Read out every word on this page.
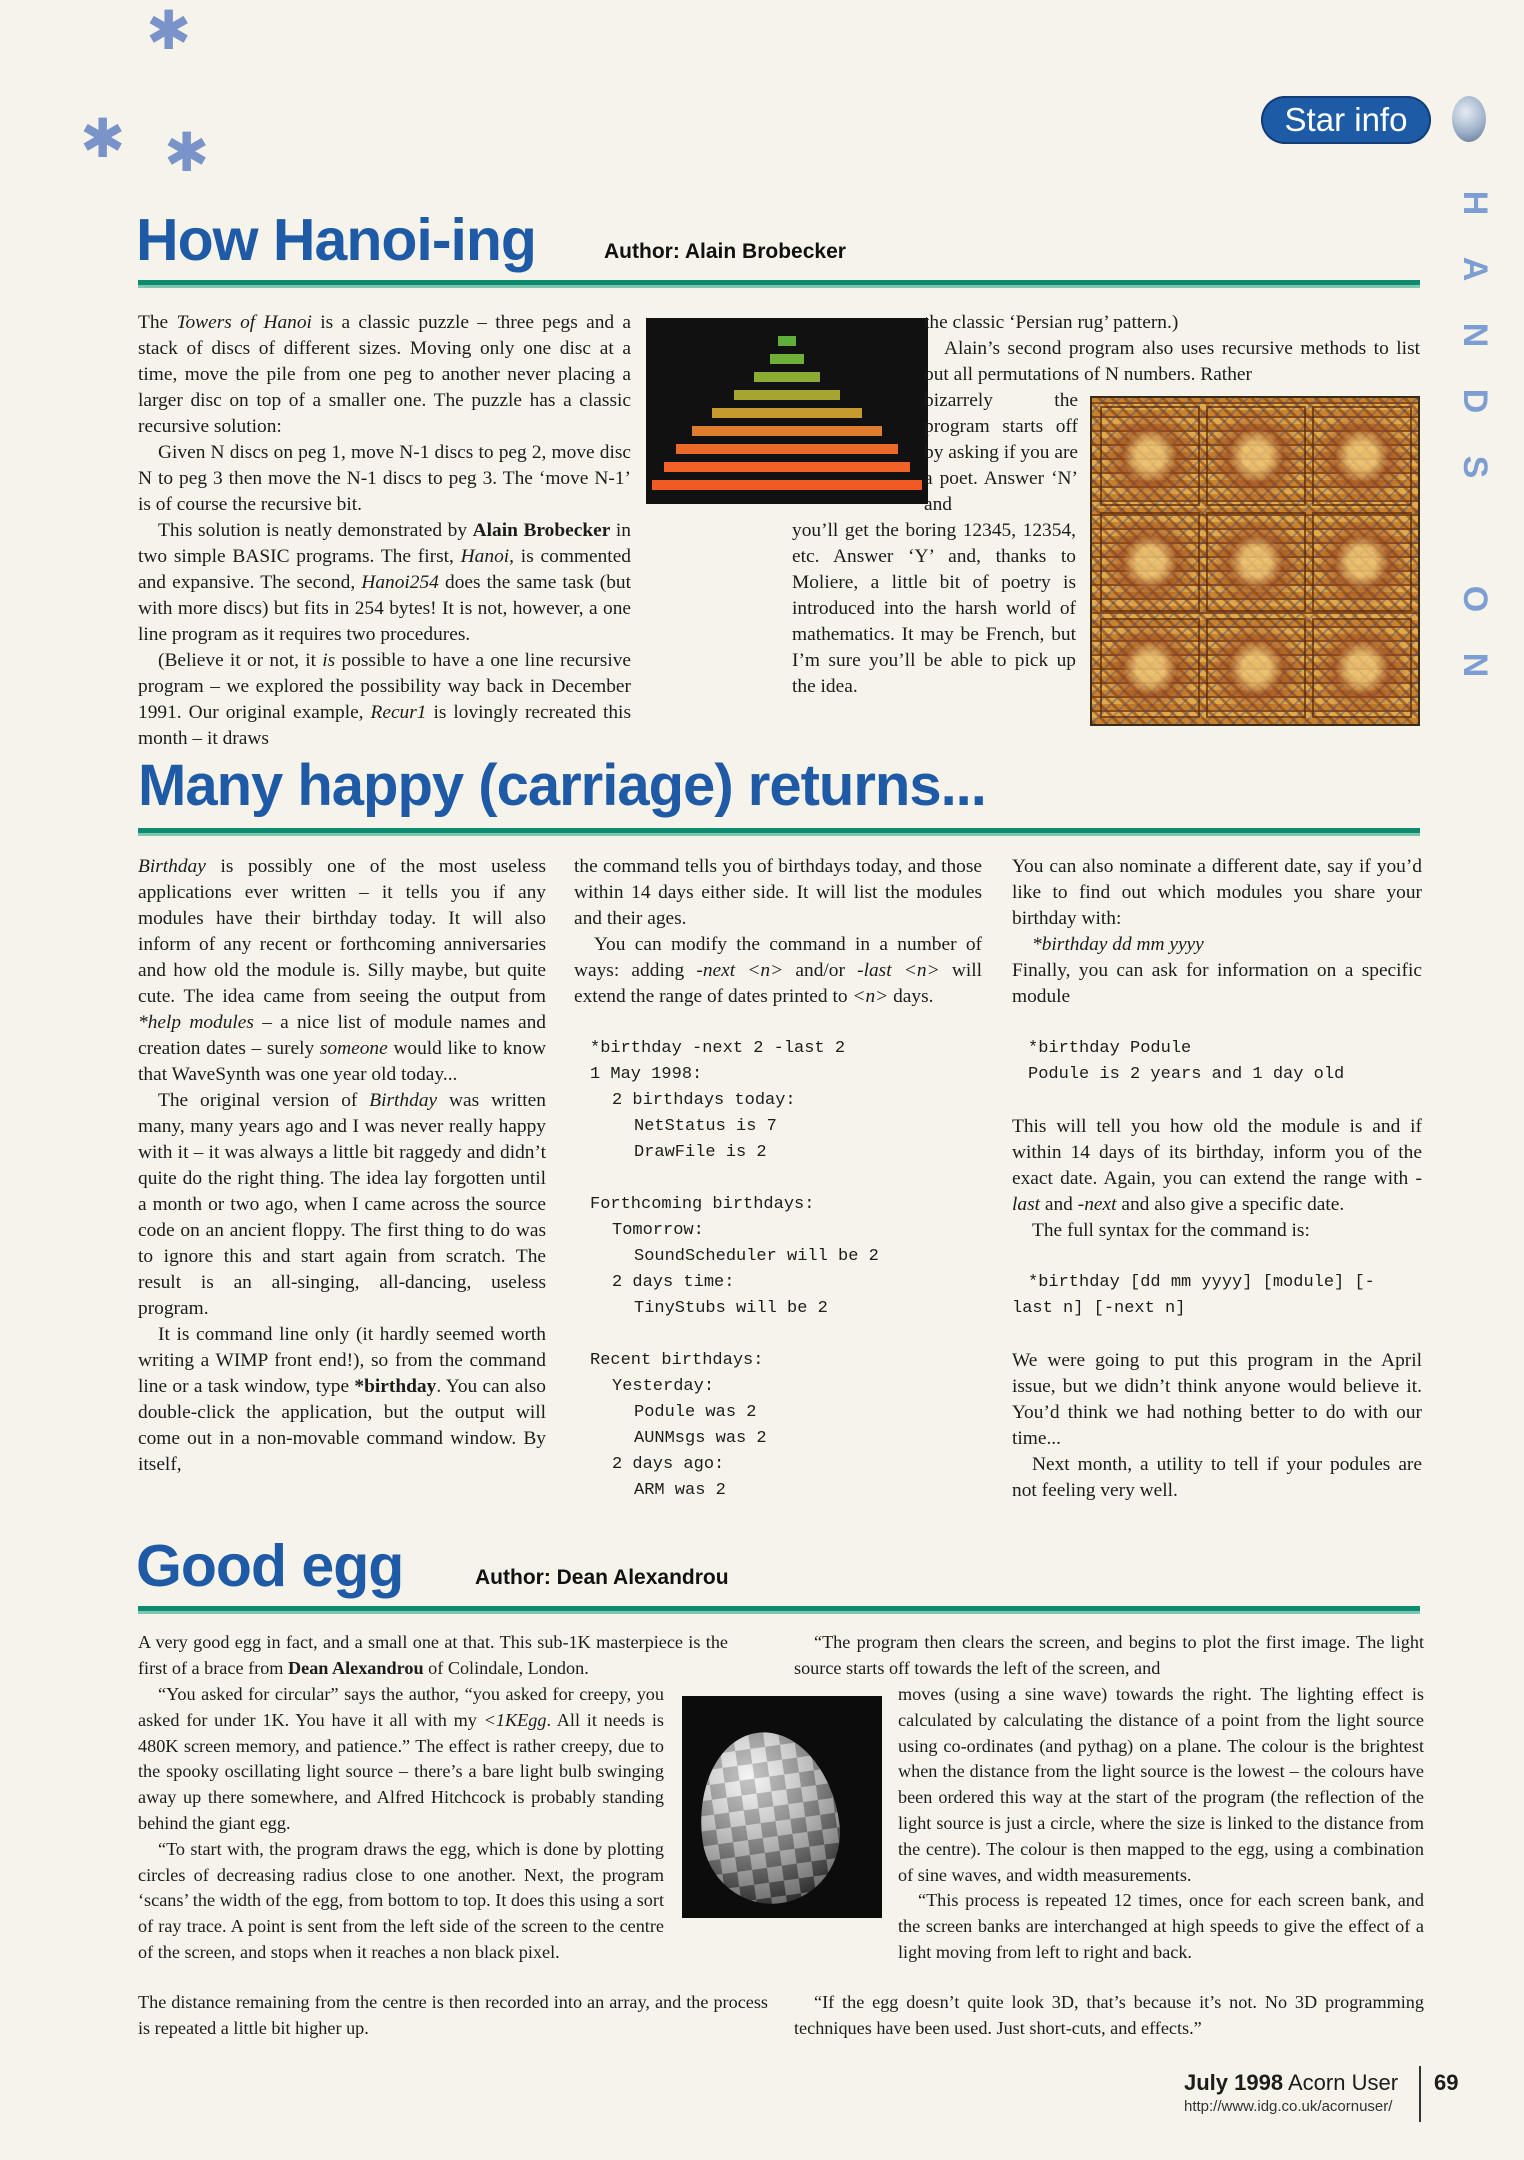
✱
✱ ✱
Star info
H
A
N
D
S

O
N
How Hanoi-ing	Author: Alain Brobecker

The Towers of Hanoi is a classic puzzle – three pegs and a stack of discs of different sizes. Moving only one disc at a time, move the pile from one peg to another never placing a larger disc on top of a smaller one. The puzzle has a classic recursive solution:

Given N discs on peg 1, move N-1 discs to peg 2, move disc N to peg 3 then move the N-1 discs to peg 3. The ‘move N-1’ is of course the recursive bit.

This solution is neatly demonstrated by Alain Brobecker in two simple BASIC programs. The first, Hanoi, is commented and expansive. The second, Hanoi254 does the same task (but with more discs) but fits in 254 bytes! It is not, however, a one line program as it requires two procedures.

(Believe it or not, it is possible to have a one line recursive program – we explored the possibility way back in December 1991. Our original example, Recur1 is lovingly recreated this month – it draws

the classic ‘Persian rug’ pattern.)

Alain’s second program also uses recursive methods to list out all permutations of N numbers. Rather

bizarrely the program starts off by asking if you are a poet. Answer ‘N’ and

you’ll get the boring 12345, 12354, etc. Answer ‘Y’ and, thanks to Moliere, a little bit of poetry is introduced into the harsh world of mathematics. It may be French, but I’m sure you’ll be able to pick up the idea.

Many happy (carriage) returns...

Birthday is possibly one of the most useless applications ever written – it tells you if any modules have their birthday today. It will also inform of any recent or forthcoming anniversaries and how old the module is. Silly maybe, but quite cute. The idea came from seeing the output from *help modules – a nice list of module names and creation dates – surely someone would like to know that WaveSynth was one year old today...

The original version of Birthday was written many, many years ago and I was never really happy with it – it was always a little bit raggedy and didn’t quite do the right thing. The idea lay forgotten until a month or two ago, when I came across the source code on an ancient floppy. The first thing to do was to ignore this and start again from scratch. The result is an all-singing, all-dancing, useless program.

It is command line only (it hardly seemed worth writing a WIMP front end!), so from the command line or a task window, type *birthday. You can also double-click the application, but the output will come out in a non-movable command window. By itself,

the command tells you of birthdays today, and those within 14 days either side. It will list the modules and their ages.

You can modify the command in a number of ways: adding -next <n> and/or -last <n> will extend the range of dates printed to <n> days.

*birthday -next 2 -last 2
1 May 1998:
2 birthdays today:
NetStatus is 7
DrawFile is 2

Forthcoming birthdays:
Tomorrow:
SoundScheduler will be 2
2 days time:
TinyStubs will be 2

Recent birthdays:
Yesterday:
Podule was 2
AUNMsgs was 2
2 days ago:
ARM was 2

You can also nominate a different date, say if you’d like to find out which modules you share your birthday with:

*birthday dd mm yyyy

Finally, you can ask for information on a specific module

*birthday Podule
Podule is 2 years and 1 day old

This will tell you how old the module is and if within 14 days of its birthday, inform you of the exact date. Again, you can extend the range with -last and -next and also give a specific date.

The full syntax for the command is:

*birthday [dd mm yyyy] [module] [-
last n] [-next n]

We were going to put this program in the April issue, but we didn’t think anyone would believe it. You’d think we had nothing better to do with our time...

Next month, a utility to tell if your podules are not feeling very well.

Good egg	Author: Dean Alexandrou

A very good egg in fact, and a small one at that. This sub-1K masterpiece is the first of a brace from Dean Alexandrou of Colindale, London.

“You asked for circular” says the author, “you asked for creepy, you asked for under 1K. You have it all with my <1KEgg. All it needs is 480K screen memory, and patience.” The effect is rather creepy, due to the spooky oscillating light source – there’s a bare light bulb swinging away up there somewhere, and Alfred Hitchcock is probably standing behind the giant egg.

“To start with, the program draws the egg, which is done by plotting circles of decreasing radius close to one another. Next, the program ‘scans’ the width of the egg, from bottom to top. It does this using a sort of ray trace. A point is sent from the left side of the screen to the centre of the screen, and stops when it reaches a non black pixel.

The distance remaining from the centre is then recorded into an array, and the process is repeated a little bit higher up.

“The program then clears the screen, and begins to plot the first image. The light source starts off towards the left of the screen, and

moves (using a sine wave) towards the right. The lighting effect is calculated by calculating the distance of a point from the light source using co-ordinates (and pythag) on a plane. The colour is the brightest when the distance from the light source is the lowest – the colours have been ordered this way at the start of the program (the reflection of the light source is just a circle, where the size is linked to the distance from the centre). The colour is then mapped to the egg, using a combination of sine waves, and width measurements.

“This process is repeated 12 times, once for each screen bank, and the screen banks are interchanged at high speeds to give the effect of a light moving from left to right and back.

“If the egg doesn’t quite look 3D, that’s because it’s not. No 3D programming techniques have been used. Just short-cuts, and effects.”

July 1998 Acorn User
http://www.idg.co.uk/acornuser/
69
